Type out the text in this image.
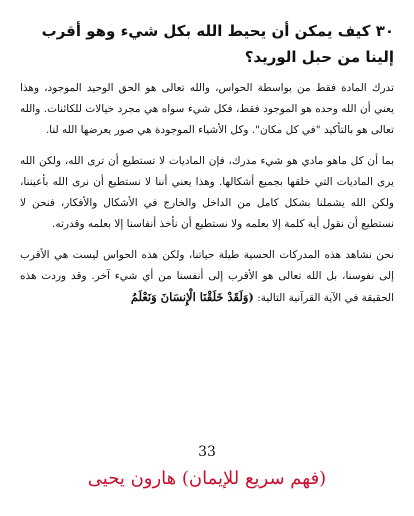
٣٠ كيف يمكن أن يحيط الله بكل شيء وهو أقرب إلينا من حبل الوريد؟

تدرك المادة فقط من بواسطة الحواس، والله تعالى هو الحق الوحيد الموجود، وهذا يعني أن الله وحده هو الموجود فقط، فكل شيء سواه هي مجرد خيالات للكائنات. والله تعالى هو بالتأكيد "في كل مكان". وكل الأشياء الموجودة هي صور يعرضها الله لنا.

بما أن كل ماهو مادي هو شيء مدرك، فإن الماديات لا تستطيع أن ترى الله، ولكن الله يرى الماديات التي خلقها بجميع أشكالها. وهذا يعني أننا لا نستطيع أن نرى الله بأعيننا، ولكن الله يشملنا بشكل كامل من الداخل والخارج في الأشكال والأفكار، فنحن لا نستطيع أن نقول أية كلمة إلا بعلمه ولا نستطيع أن نأخذ أنفاسنا إلا بعلمه وقدرته.

نحن نشاهد هذه المدركات الحسية طيلة حياتنا، ولكن هذه الحواس ليست هي الأقرب إلى نفوسنا، بل الله تعالى هو الأقرب إلى أنفسنا من أي شيء آخر. وقد وردت هذه الحقيقة في الآية القرآنية التالية: (وَلَقَدْ خَلَقْنَا الْإِنسَانَ وَنَعْلَمُ

33
(فهم سريع للإيمان) هارون يحيى
